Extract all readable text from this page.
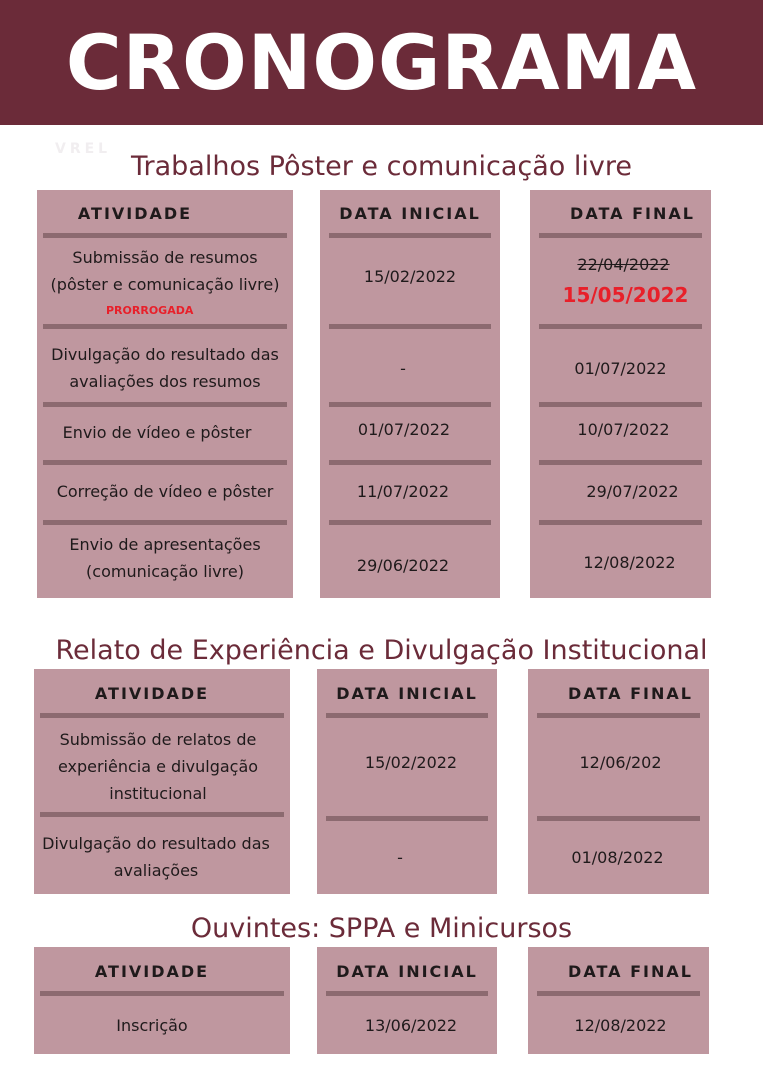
CRONOGRAMA
VREL
Trabalhos Pôster e comunicação livre
ATIVIDADE
Submissão de resumos
(pôster e comunicação livre)
PRORROGADA
Divulgação do resultado das
avaliações dos resumos
Envio de vídeo e pôster
Correção de vídeo e pôster
Envio de apresentações
(comunicação livre)
DATA INICIAL
15/02/2022
-
01/07/2022
11/07/2022
29/06/2022
DATA FINAL
22/04/2022
15/05/2022
01/07/2022
10/07/2022
29/07/2022
12/08/2022
Relato de Experiência e Divulgação Institucional
ATIVIDADE
Submissão de relatos de
experiência e divulgação
institucional
Divulgação do resultado das
avaliações
DATA INICIAL
15/02/2022
-
DATA FINAL
12/06/202
01/08/2022
Ouvintes: SPPA e Minicursos
ATIVIDADE
Inscrição
DATA INICIAL
13/06/2022
DATA FINAL
12/08/2022
